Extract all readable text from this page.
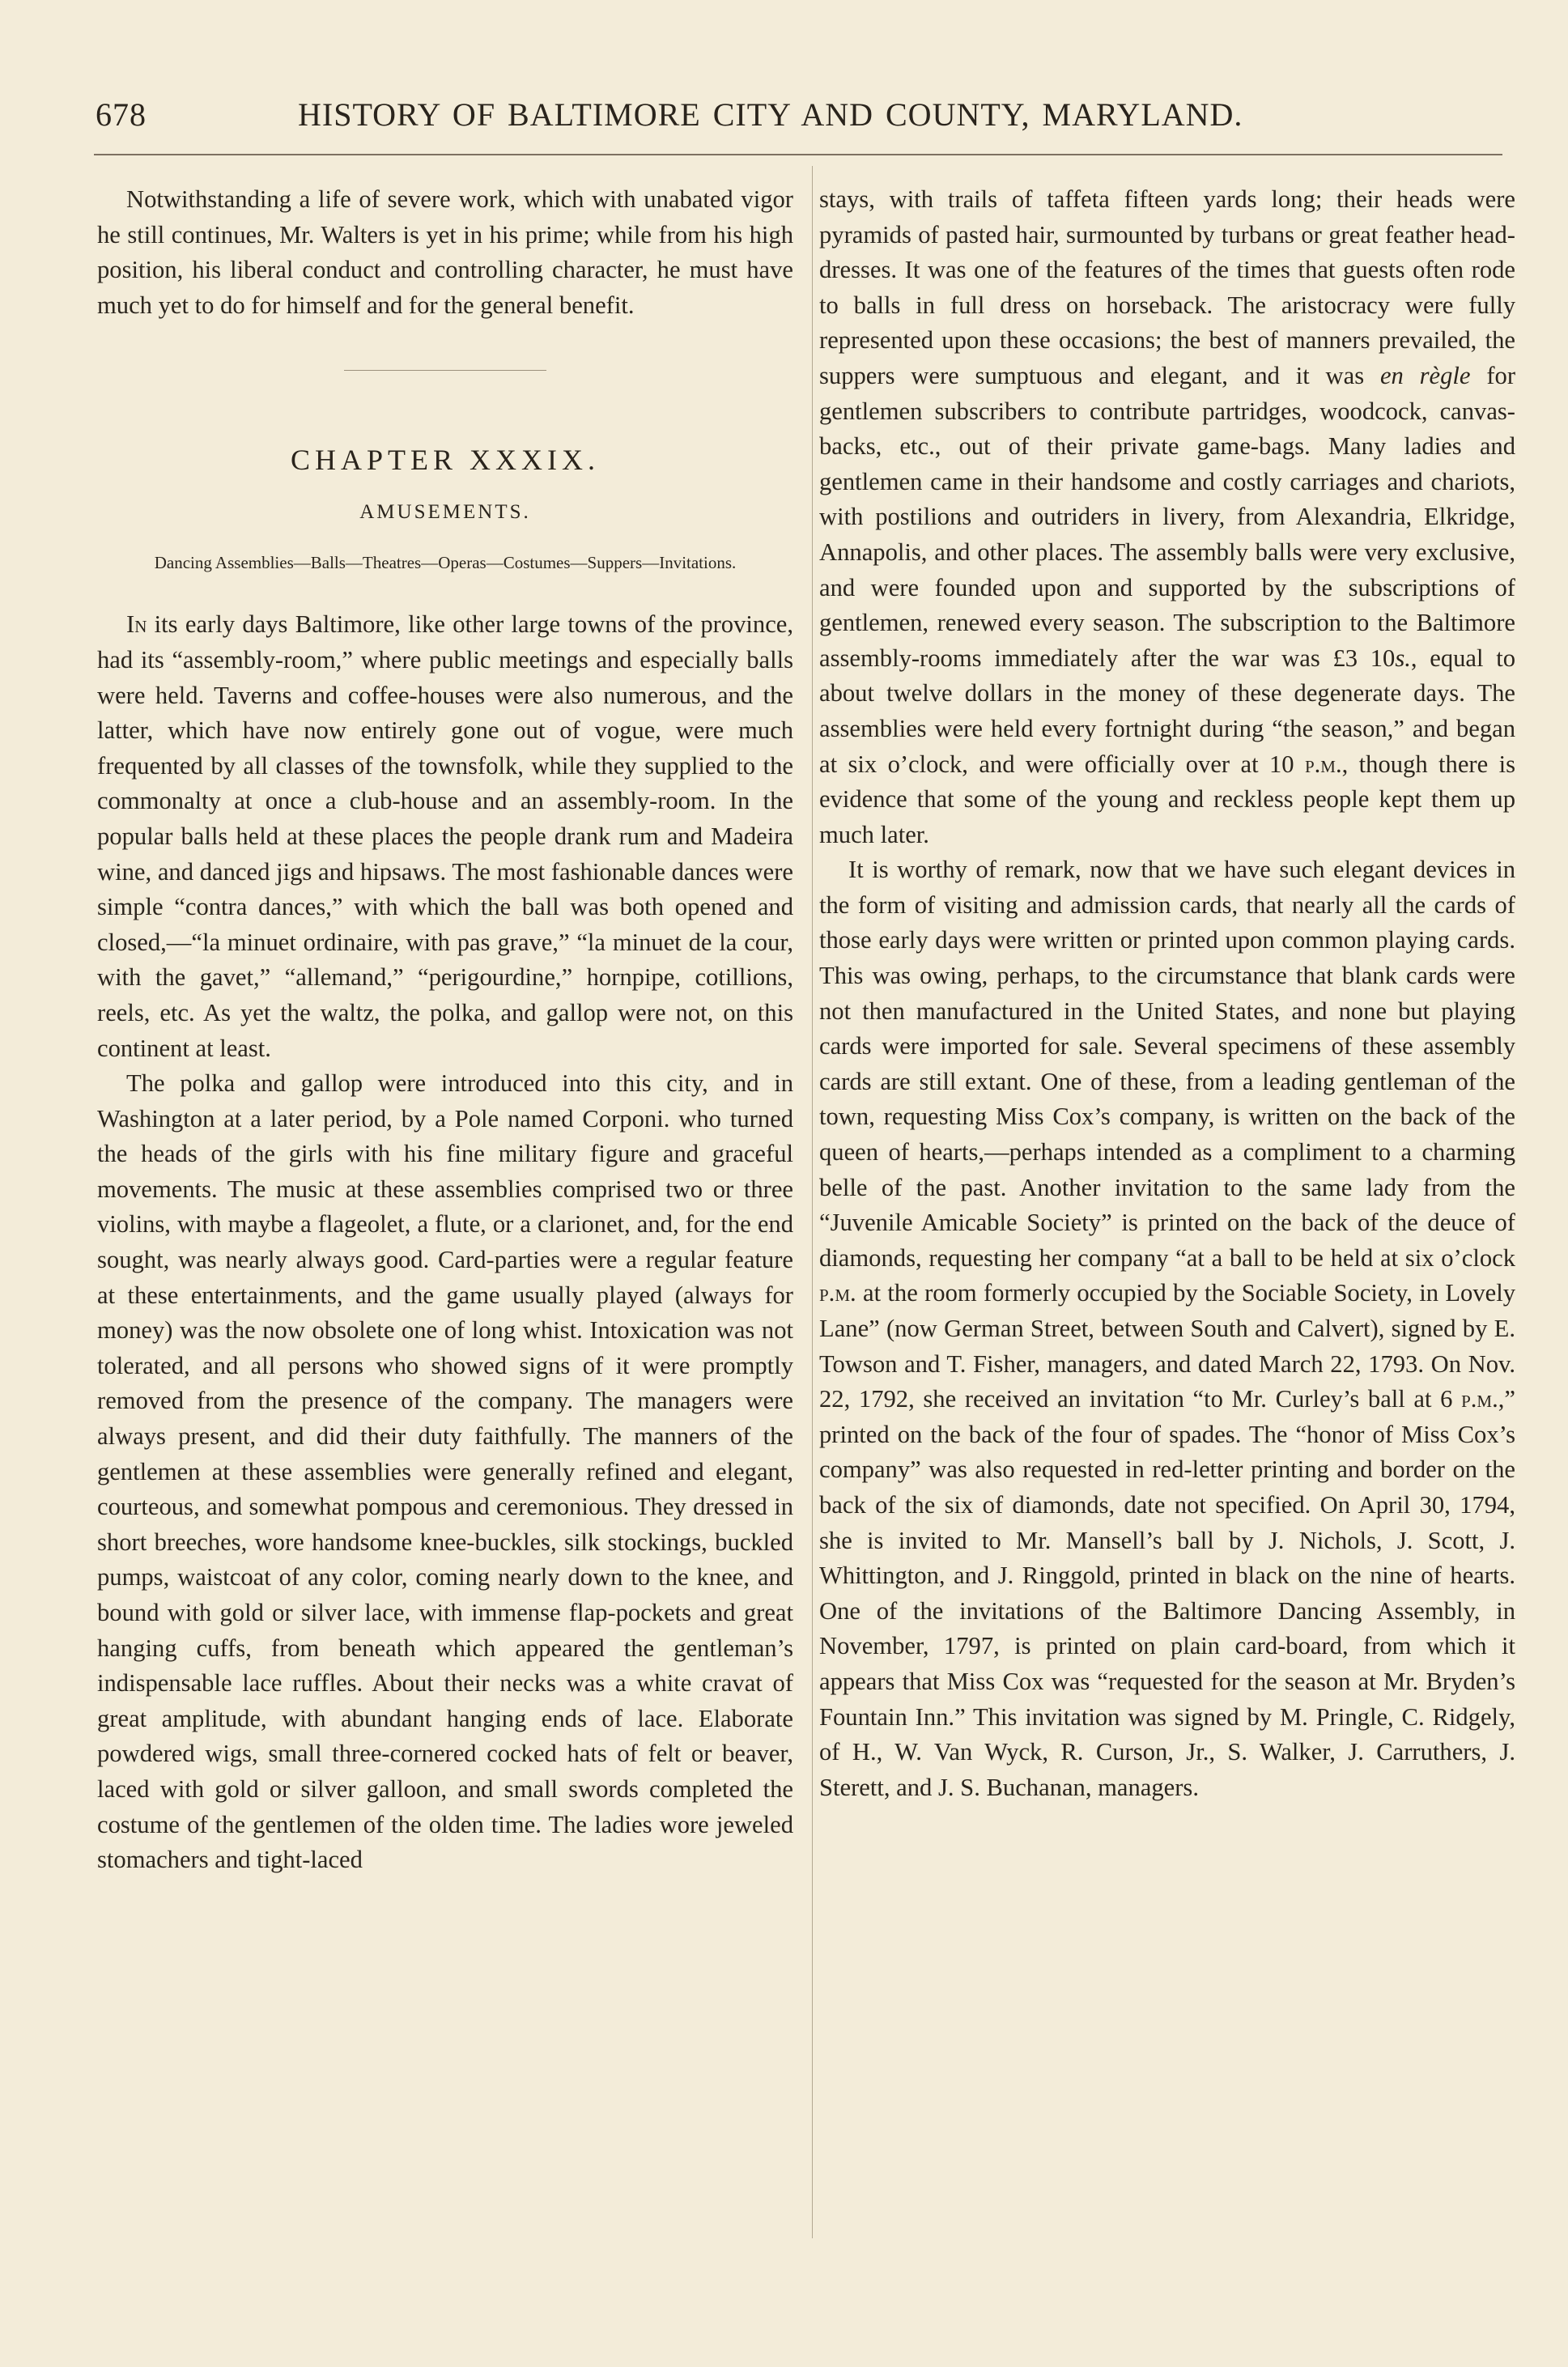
678	HISTORY OF BALTIMORE CITY AND COUNTY, MARYLAND.

Notwithstanding a life of severe work, which with unabated vigor he still continues, Mr. Walters is yet in his prime; while from his high position, his liberal conduct and controlling character, he must have much yet to do for himself and for the general benefit.

CHAPTER XXXIX.
AMUSEMENTS.
Dancing Assemblies—Balls—Theatres—Operas—Costumes—Suppers—Invitations.

In its early days Baltimore, like other large towns of the province, had its “assembly-room,” where public meetings and especially balls were held. Taverns and coffee-houses were also numerous, and the latter, which have now entirely gone out of vogue, were much frequented by all classes of the townsfolk, while they supplied to the commonalty at once a club-house and an assembly-room. In the popular balls held at these places the people drank rum and Madeira wine, and danced jigs and hipsaws. The most fashionable dances were simple “contra dances,” with which the ball was both opened and closed,—“la minuet ordinaire, with pas grave,” “la minuet de la cour, with the gavet,” “allemand,” “perigourdine,” hornpipe, cotillions, reels, etc. As yet the waltz, the polka, and gallop were not, on this continent at least.

The polka and gallop were introduced into this city, and in Washington at a later period, by a Pole named Corponi. who turned the heads of the girls with his fine military figure and graceful movements. The music at these assemblies comprised two or three violins, with maybe a flageolet, a flute, or a clarionet, and, for the end sought, was nearly always good. Card-parties were a regular feature at these entertainments, and the game usually played (always for money) was the now obsolete one of long whist. Intoxication was not tolerated, and all persons who showed signs of it were promptly removed from the presence of the company. The managers were always present, and did their duty faithfully. The manners of the gentlemen at these assemblies were generally refined and elegant, courteous, and somewhat pompous and ceremonious. They dressed in short breeches, wore handsome knee-buckles, silk stockings, buckled pumps, waistcoat of any color, coming nearly down to the knee, and bound with gold or silver lace, with immense flap-pockets and great hanging cuffs, from beneath which appeared the gentleman’s indispensable lace ruffles. About their necks was a white cravat of great amplitude, with abundant hanging ends of lace. Elaborate powdered wigs, small three-cornered cocked hats of felt or beaver, laced with gold or silver galloon, and small swords completed the costume of the gentlemen of the olden time. The ladies wore jeweled stomachers and tight-laced

stays, with trails of taffeta fifteen yards long; their heads were pyramids of pasted hair, surmounted by turbans or great feather head-dresses. It was one of the features of the times that guests often rode to balls in full dress on horseback. The aristocracy were fully represented upon these occasions; the best of manners prevailed, the suppers were sumptuous and elegant, and it was en règle for gentlemen subscribers to contribute partridges, woodcock, canvas-backs, etc., out of their private game-bags. Many ladies and gentlemen came in their handsome and costly carriages and chariots, with postilions and outriders in livery, from Alexandria, Elkridge, Annapolis, and other places. The assembly balls were very exclusive, and were founded upon and supported by the subscriptions of gentlemen, renewed every season. The subscription to the Baltimore assembly-rooms immediately after the war was £3 10s., equal to about twelve dollars in the money of these degenerate days. The assemblies were held every fortnight during “the season,” and began at six o’clock, and were officially over at 10 p.m., though there is evidence that some of the young and reckless people kept them up much later.

It is worthy of remark, now that we have such elegant devices in the form of visiting and admission cards, that nearly all the cards of those early days were written or printed upon common playing cards. This was owing, perhaps, to the circumstance that blank cards were not then manufactured in the United States, and none but playing cards were imported for sale. Several specimens of these assembly cards are still extant. One of these, from a leading gentleman of the town, requesting Miss Cox’s company, is written on the back of the queen of hearts,—perhaps intended as a compliment to a charming belle of the past. Another invitation to the same lady from the “Juvenile Amicable Society” is printed on the back of the deuce of diamonds, requesting her company “at a ball to be held at six o’clock p.m. at the room formerly occupied by the Sociable Society, in Lovely Lane” (now German Street, between South and Calvert), signed by E. Towson and T. Fisher, managers, and dated March 22, 1793. On Nov. 22, 1792, she received an invitation “to Mr. Curley’s ball at 6 p.m.,” printed on the back of the four of spades. The “honor of Miss Cox’s company” was also requested in red-letter printing and border on the back of the six of diamonds, date not specified. On April 30, 1794, she is invited to Mr. Mansell’s ball by J. Nichols, J. Scott, J. Whittington, and J. Ringgold, printed in black on the nine of hearts. One of the invitations of the Baltimore Dancing Assembly, in November, 1797, is printed on plain card-board, from which it appears that Miss Cox was “requested for the season at Mr. Bryden’s Fountain Inn.” This invitation was signed by M. Pringle, C. Ridgely, of H., W. Van Wyck, R. Curson, Jr., S. Walker, J. Carruthers, J. Sterett, and J. S. Buchanan, managers.
